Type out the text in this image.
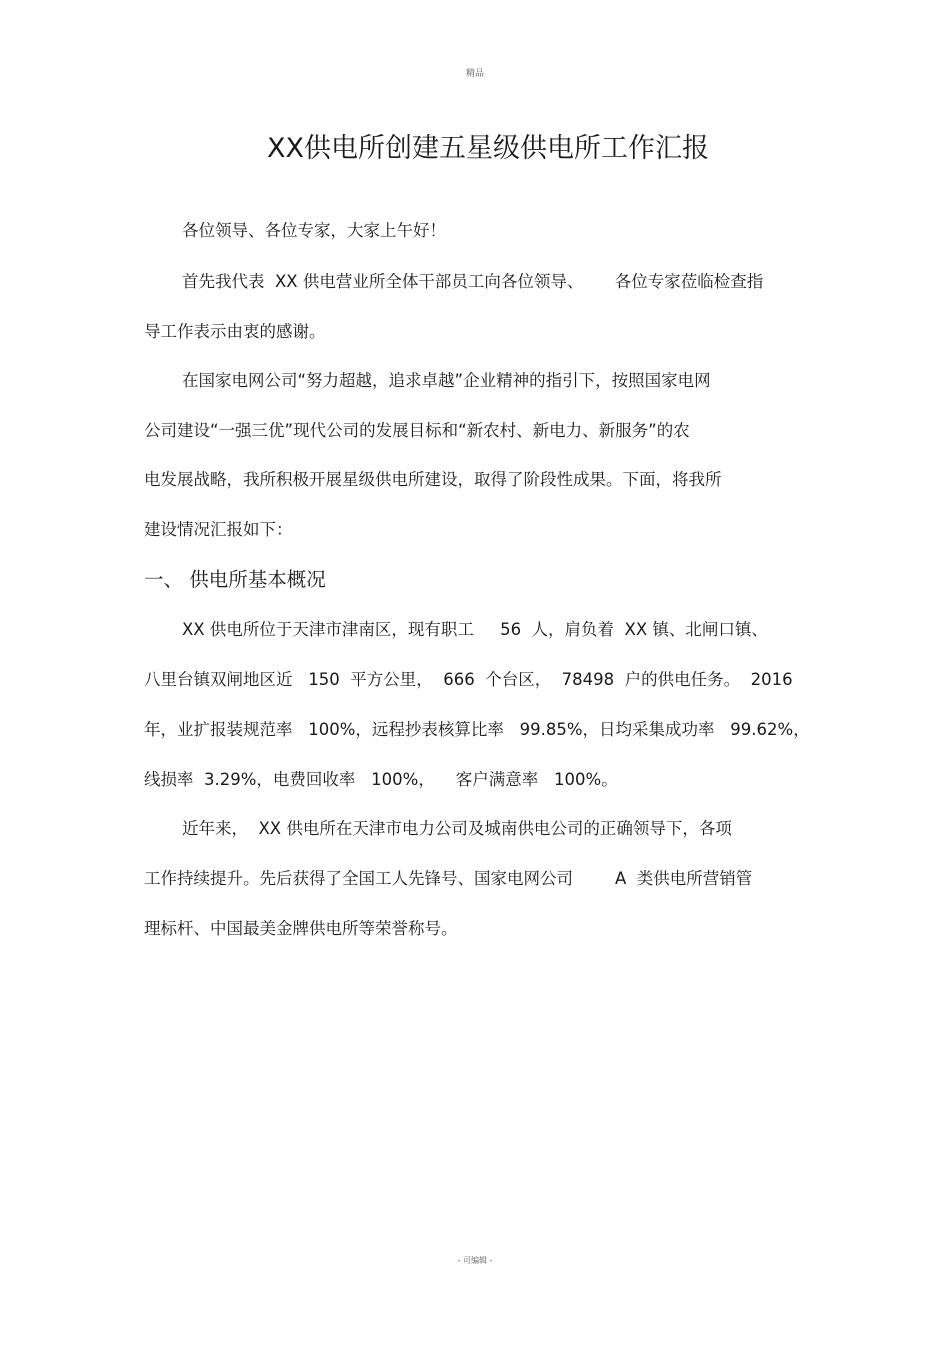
精品
XX供电所创建五星级供电所工作汇报
各位领导、各位专家，大家上午好！
首先我代表  XX 供电营业所全体干部员工向各位领导、      各位专家莅临检查指
导工作表示由衷的感谢。
在国家电网公司“努力超越，追求卓越”企业精神的指引下，按照国家电网
公司建设“一强三优”现代公司的发展目标和“新农村、新电力、新服务”的农
电发展战略，我所积极开展星级供电所建设，取得了阶段性成果。下面，将我所
建设情况汇报如下：
一、 供电所基本概况
XX 供电所位于天津市津南区，现有职工     56  人，肩负着  XX 镇、北闸口镇、
八里台镇双闸地区近   150  平方公里，  666  个台区，  78498  户的供电任务。  2016
年，业扩报装规范率   100%，远程抄表核算比率   99.85%，日均采集成功率   99.62%，
线损率  3.29%，电费回收率   100%，    客户满意率   100%。
近年来，  XX 供电所在天津市电力公司及城南供电公司的正确领导下，各项
工作持续提升。先后获得了全国工人先锋号、国家电网公司        A  类供电所营销管
理标杆、中国最美金牌供电所等荣誉称号。
- 可编辑 -
